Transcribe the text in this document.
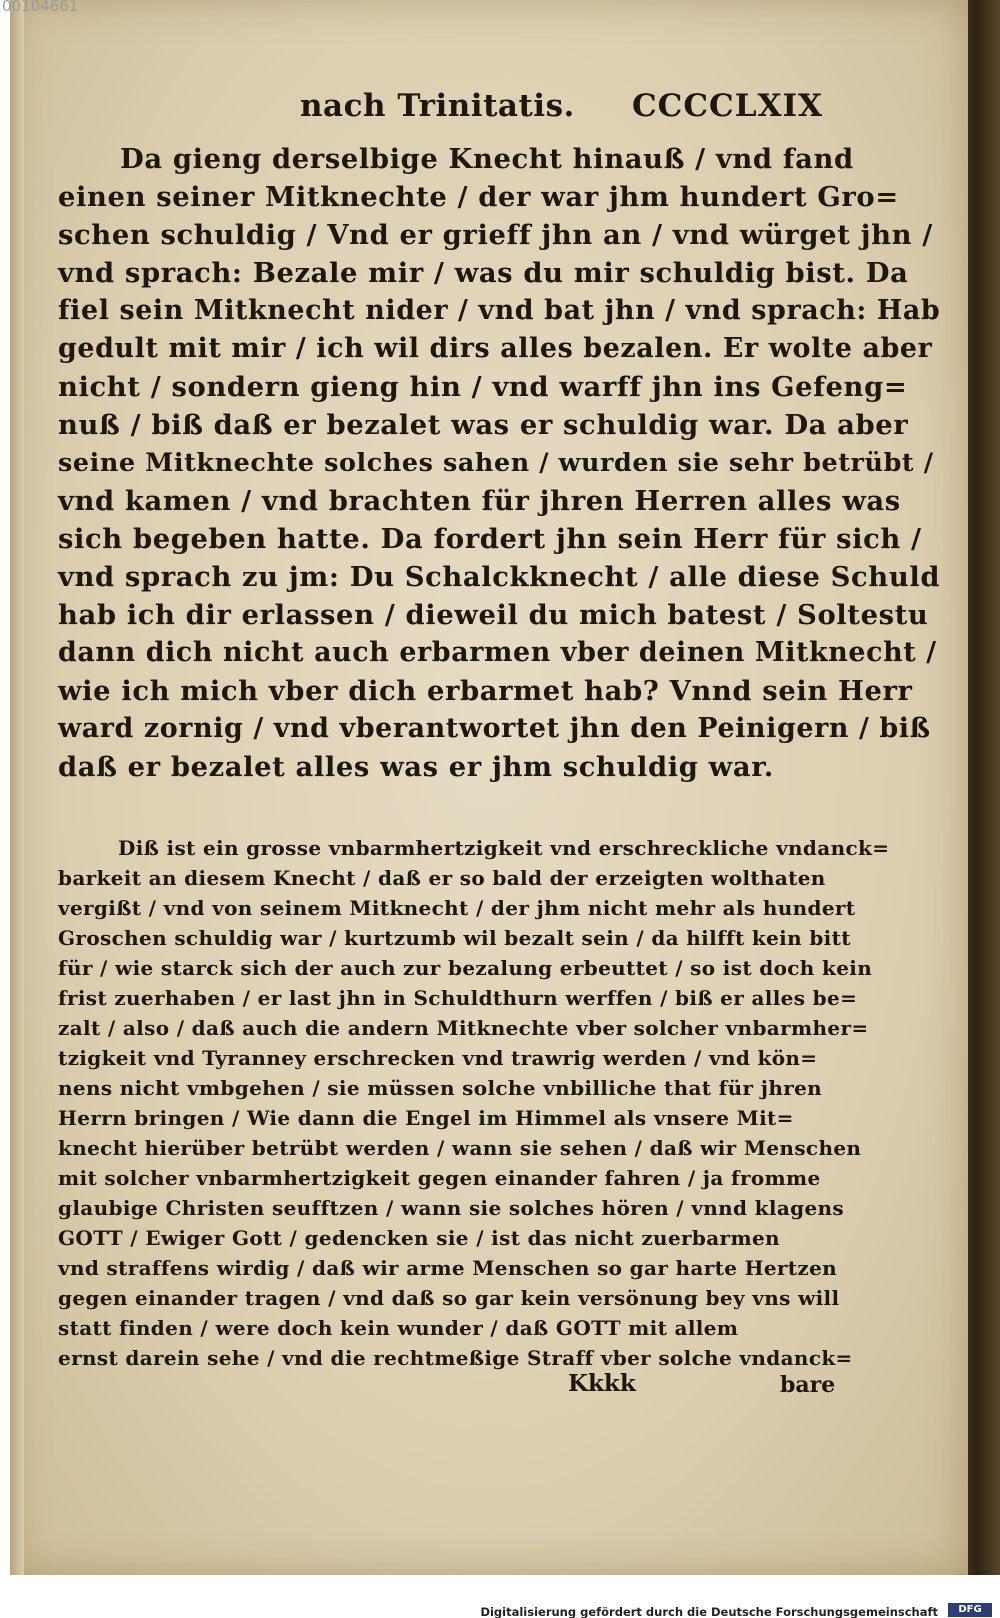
00104661
nach Trinitatis. CCCCLXIX
Da gieng derselbige Knecht hinauß / vnd fand
einen seiner Mitknechte / der war jhm hundert Gro=
schen schuldig / Vnd er grieff jhn an / vnd würget jhn /
vnd sprach: Bezale mir / was du mir schuldig bist. Da
fiel sein Mitknecht nider / vnd bat jhn / vnd sprach: Hab
gedult mit mir / ich wil dirs alles bezalen. Er wolte aber
nicht / sondern gieng hin / vnd warff jhn ins Gefeng=
nuß / biß daß er bezalet was er schuldig war. Da aber
seine Mitknechte solches sahen / wurden sie sehr betrübt /
vnd kamen / vnd brachten für jhren Herren alles was
sich begeben hatte. Da fordert jhn sein Herr für sich /
vnd sprach zu jm: Du Schalckknecht / alle diese Schuld
hab ich dir erlassen / dieweil du mich batest / Soltestu
dann dich nicht auch erbarmen vber deinen Mitknecht /
wie ich mich vber dich erbarmet hab? Vnnd sein Herr
ward zornig / vnd vberantwortet jhn den Peinigern / biß
daß er bezalet alles was er jhm schuldig war.
Diß ist ein grosse vnbarmhertzigkeit vnd erschreckliche vndanck=
barkeit an diesem Knecht / daß er so bald der erzeigten wolthaten
vergißt / vnd von seinem Mitknecht / der jhm nicht mehr als hundert
Groschen schuldig war / kurtzumb wil bezalt sein / da hilfft kein bitt
für / wie starck sich der auch zur bezalung erbeuttet / so ist doch kein
frist zuerhaben / er last jhn in Schuldthurn werffen / biß er alles be=
zalt / also / daß auch die andern Mitknechte vber solcher vnbarmher=
tzigkeit vnd Tyranney erschrecken vnd trawrig werden / vnd kön=
nens nicht vmbgehen / sie müssen solche vnbilliche that für jhren
Herrn bringen / Wie dann die Engel im Himmel als vnsere Mit=
knecht hierüber betrübt werden / wann sie sehen / daß wir Menschen
mit solcher vnbarmhertzigkeit gegen einander fahren / ja fromme
glaubige Christen seufftzen / wann sie solches hören / vnnd klagens
GOTT / Ewiger Gott / gedencken sie / ist das nicht zuerbarmen
vnd straffens wirdig / daß wir arme Menschen so gar harte Hertzen
gegen einander tragen / vnd daß so gar kein versönung bey vns will
statt finden / were doch kein wunder / daß GOTT mit allem
ernst darein sehe / vnd die rechtmeßige Straff vber solche vndanck=
Kkkk	bare
Digitalisierung gefördert durch die Deutsche Forschungsgemeinschaft	DFG
